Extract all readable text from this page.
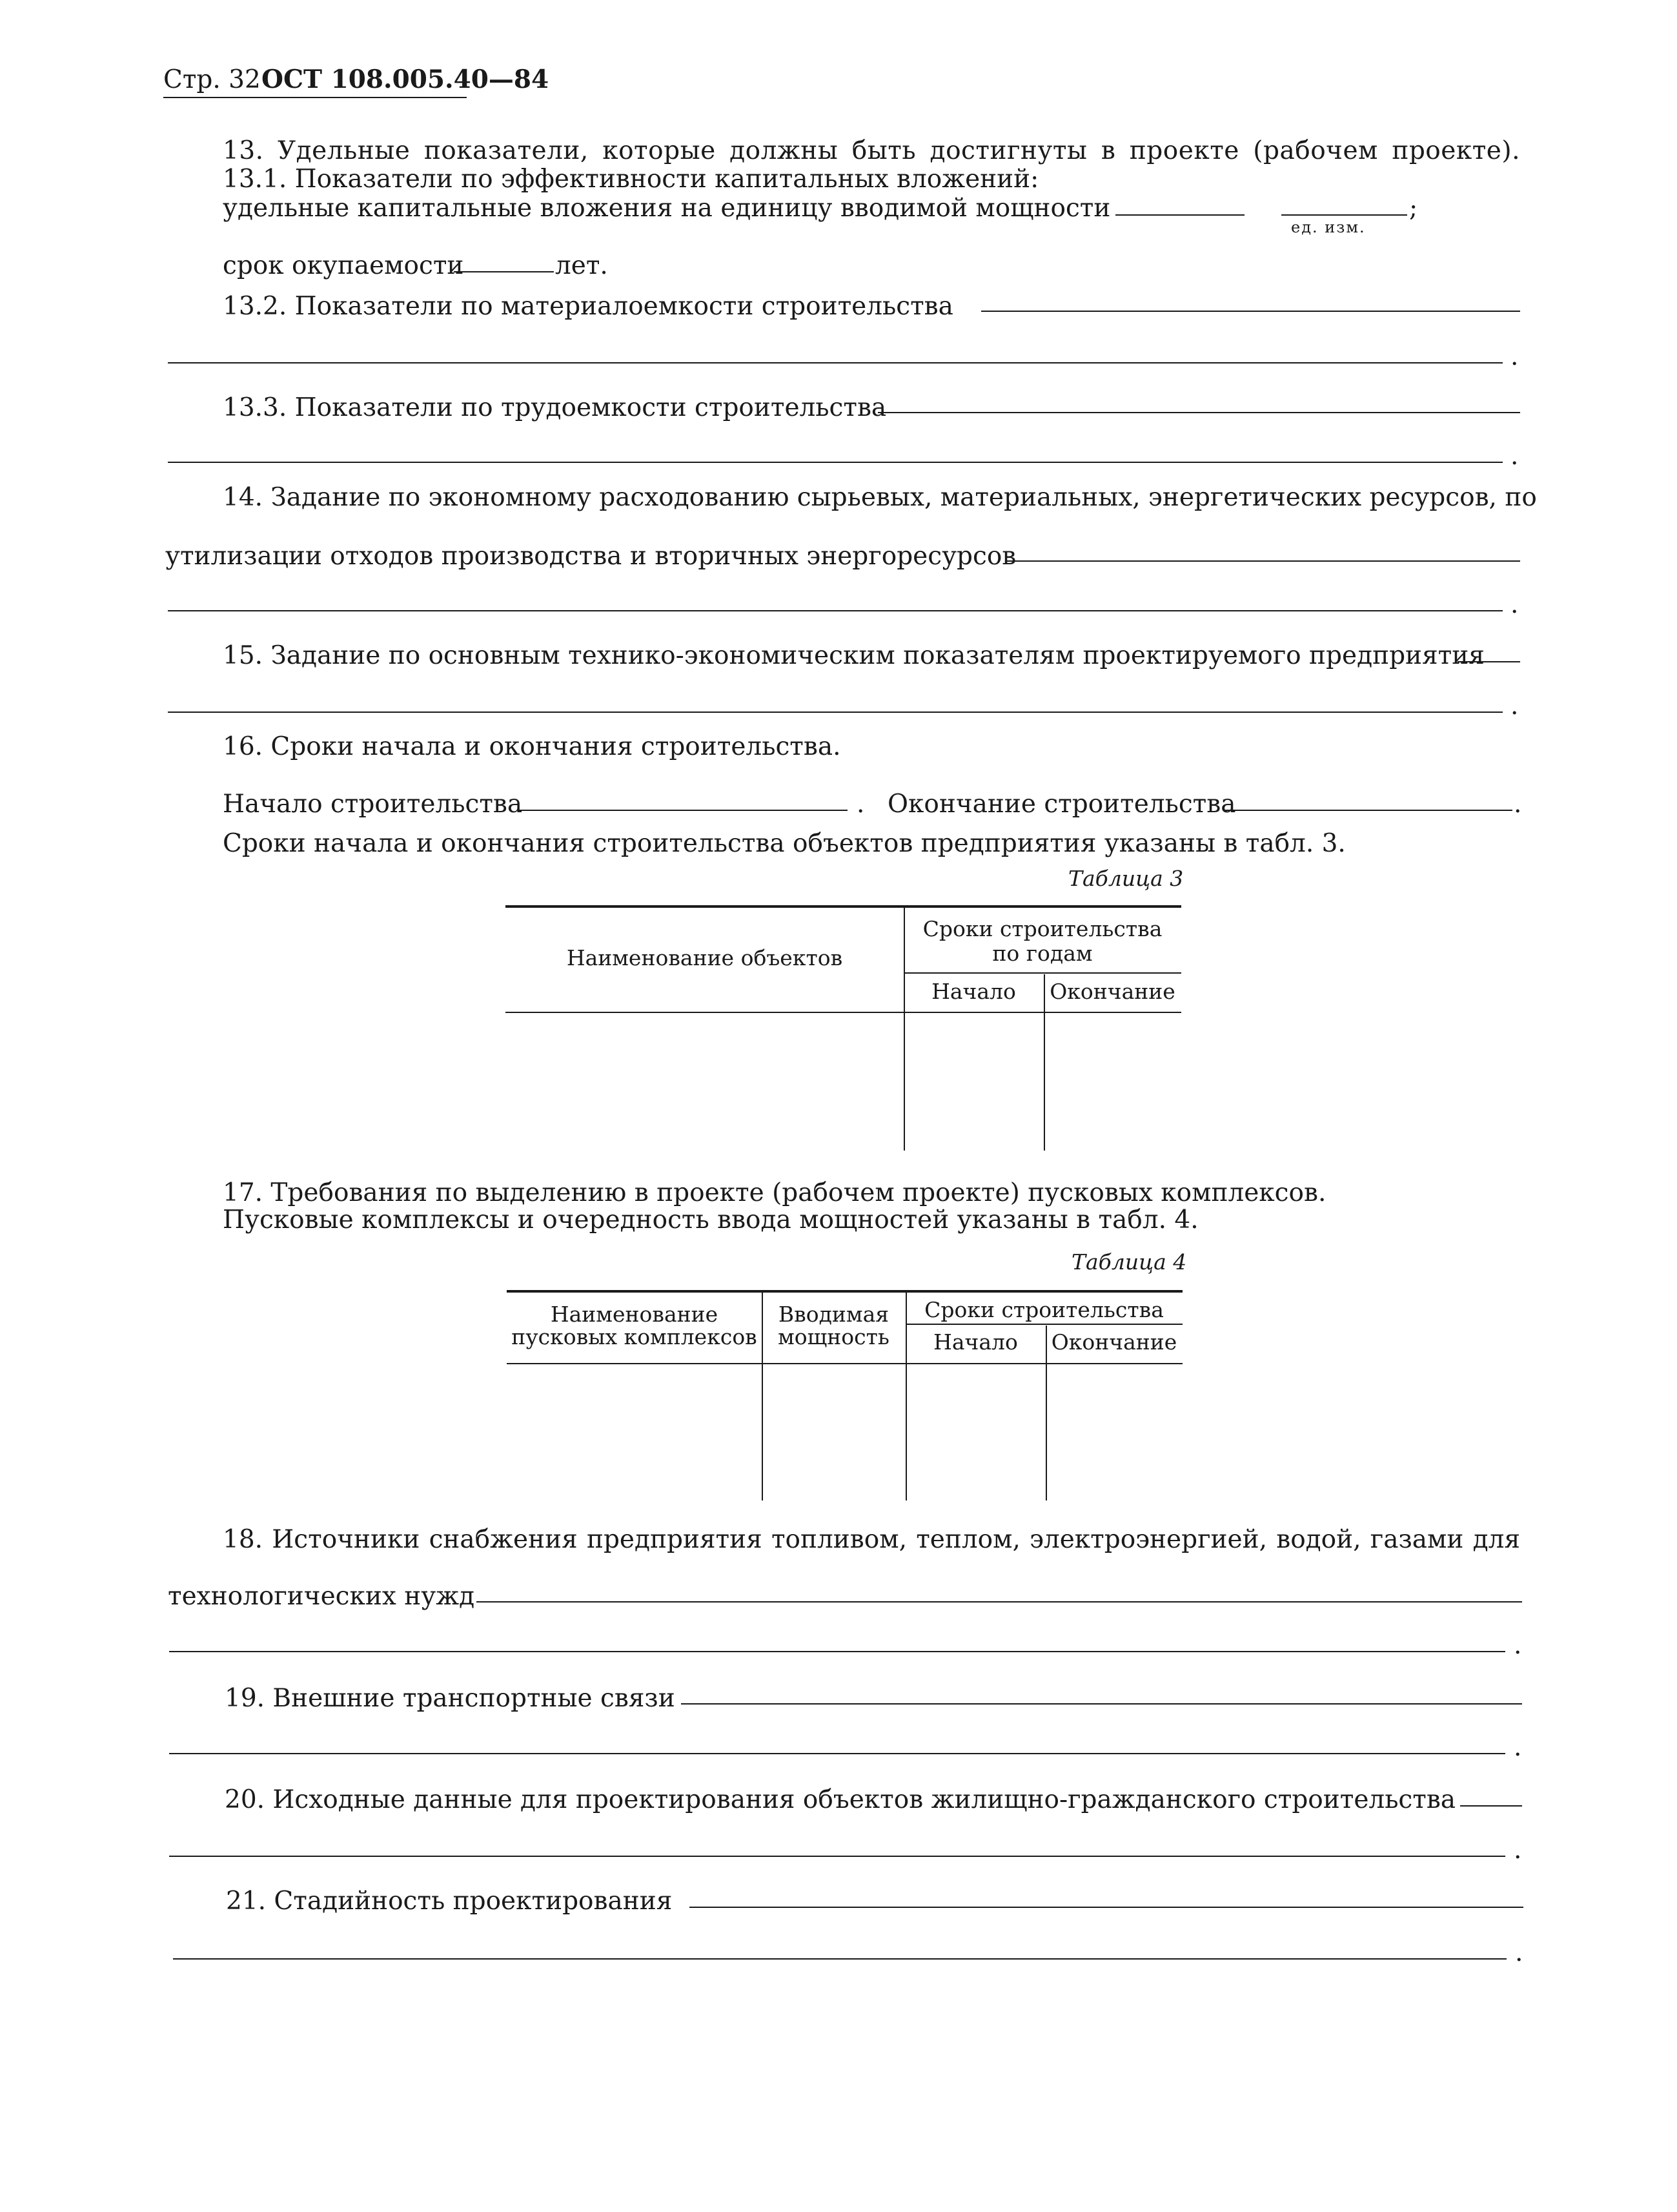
Стр. 32 ОСТ 108.005.40—84
13. Удельные показатели, которые должны быть достигнуты в проекте (рабочем проекте).
13.1. Показатели по эффективности капитальных вложений:
удельные капитальные вложения на единицу вводимой мощности	;
ед. изм.
срок окупаемости	лет.
13.2. Показатели по материалоемкости строительства
.
13.3. Показатели по трудоемкости строительства
.
14. Задание по экономному расходованию сырьевых, материальных, энергетических ресурсов, по
утилизации отходов производства и вторичных энергоресурсов
.
15. Задание по основным технико-экономическим показателям проектируемого предприятия
.
16. Сроки начала и окончания строительства.
Начало строительства	. Окончание строительства	.
Сроки начала и окончания строительства объектов предприятия указаны в табл. 3.
Таблица 3
Наименование объектов
Сроки строительства
по годам
Начало	Окончание
17. Требования по выделению в проекте (рабочем проекте) пусковых комплексов.
Пусковые комплексы и очередность ввода мощностей указаны в табл. 4.
Таблица 4
Наименование
пусковых комплексов
Вводимая
мощность
Сроки строительства
Начало	Окончание
18. Источники снабжения предприятия топливом, теплом, электроэнергией, водой, газами для
технологических нужд
.
19. Внешние транспортные связи
.
20. Исходные данные для проектирования объектов жилищно-гражданского строительства
.
21. Стадийность проектирования
.
